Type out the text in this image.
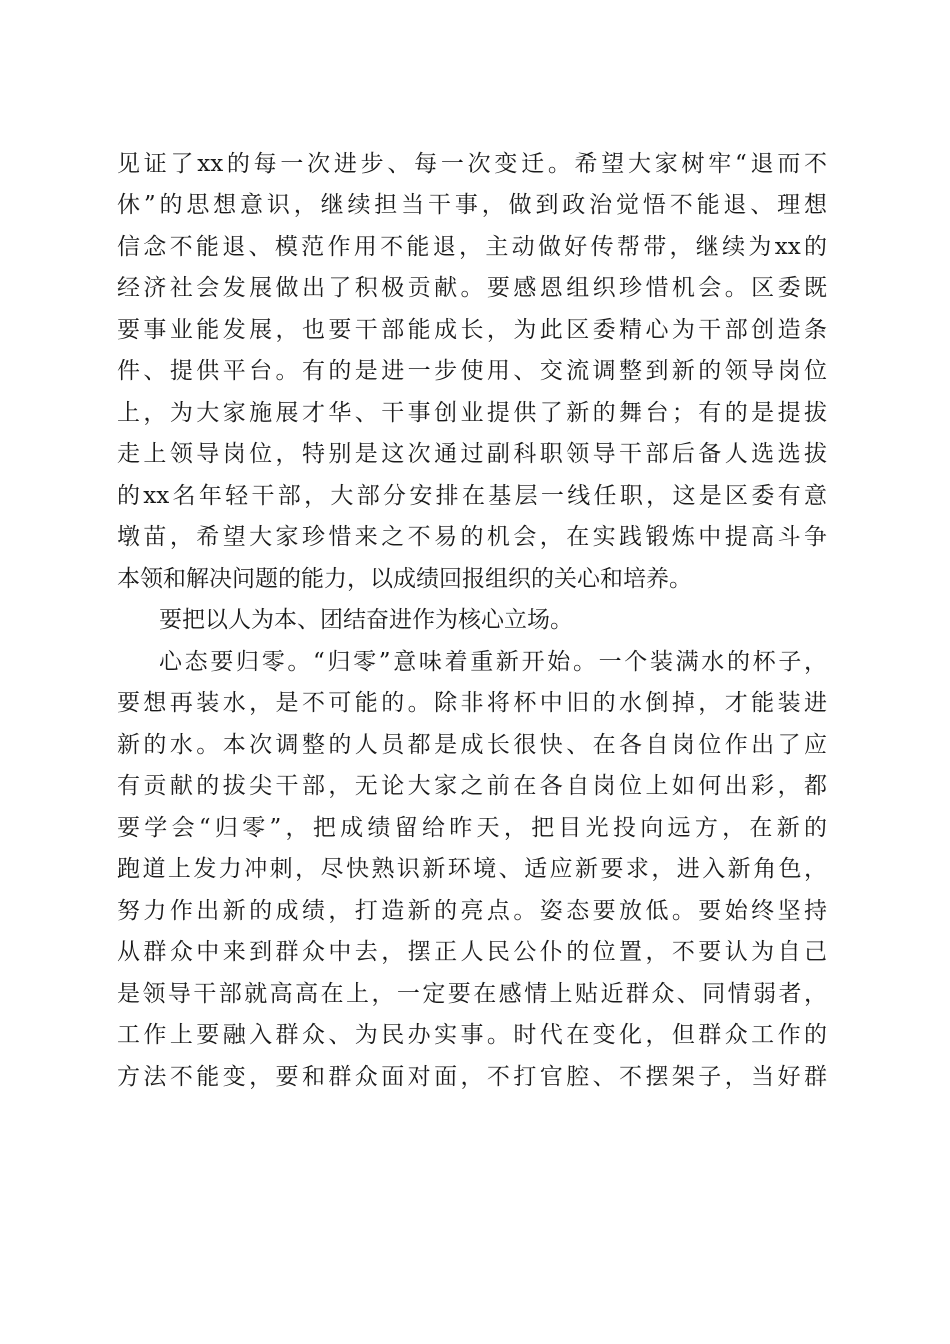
见证了xx的每一次进步、每一次变迁。希望大家树牢“退而不
休”的思想意识，继续担当干事，做到政治觉悟不能退、理想
信念不能退、模范作用不能退，主动做好传帮带，继续为xx的
经济社会发展做出了积极贡献。要感恩组织珍惜机会。区委既
要事业能发展，也要干部能成长，为此区委精心为干部创造条
件、提供平台。有的是进一步使用、交流调整到新的领导岗位
上，为大家施展才华、干事创业提供了新的舞台；有的是提拔
走上领导岗位，特别是这次通过副科职领导干部后备人选选拔
的xx名年轻干部，大部分安排在基层一线任职，这是区委有意
墩苗，希望大家珍惜来之不易的机会，在实践锻炼中提高斗争
本领和解决问题的能力，以成绩回报组织的关心和培养。
要把以人为本、团结奋进作为核心立场。
心态要归零。“归零”意味着重新开始。一个装满水的杯子，
要想再装水，是不可能的。除非将杯中旧的水倒掉，才能装进
新的水。本次调整的人员都是成长很快、在各自岗位作出了应
有贡献的拔尖干部，无论大家之前在各自岗位上如何出彩，都
要学会“归零”，把成绩留给昨天，把目光投向远方，在新的
跑道上发力冲刺，尽快熟识新环境、适应新要求，进入新角色，
努力作出新的成绩，打造新的亮点。姿态要放低。要始终坚持
从群众中来到群众中去，摆正人民公仆的位置，不要认为自己
是领导干部就高高在上，一定要在感情上贴近群众、同情弱者，
工作上要融入群众、为民办实事。时代在变化，但群众工作的
方法不能变，要和群众面对面，不打官腔、不摆架子，当好群
